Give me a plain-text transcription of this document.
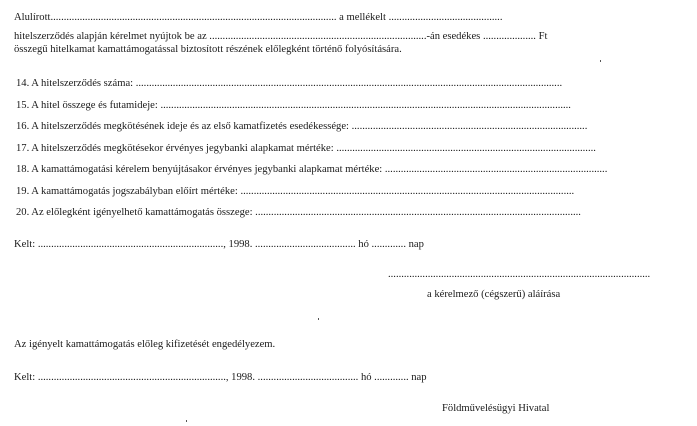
Alulírott............................................................................................................ a mellékelt ...........................................
hitelszerződés alapján kérelmet nyújtok be az ..................................................................................-án esedékes .................... Ft
összegű hitelkamat kamattámogatással biztosított részének előlegként történő folyósítására.
14. A hitelszerződés száma: .................................................................................................................................................................
15. A hitel összege és futamideje: ...........................................................................................................................................................
16. A hitelszerződés megkötésének ideje és az első kamatfizetés esedékessége: .........................................................................................
17. A hitelszerződés megkötésekor érvényes jegybanki alapkamat mértéke: ..................................................................................................
18. A kamattámogatási kérelem benyújtásakor érvényes jegybanki alapkamat mértéke: ....................................................................................
19. A kamattámogatás jogszabályban előírt mértéke: ..............................................................................................................................
20. Az előlegként igényelhető kamattámogatás összege: ...........................................................................................................................
Kelt: ......................................................................, 1998. ...................................... hó ............. nap
...................................................................................................
a kérelmező (cégszerű) aláírása
Az igényelt kamattámogatás előleg kifizetését engedélyezem.
Kelt: ......................................................................., 1998. ...................................... hó ............. nap
Földművelésügyi Hivatal
